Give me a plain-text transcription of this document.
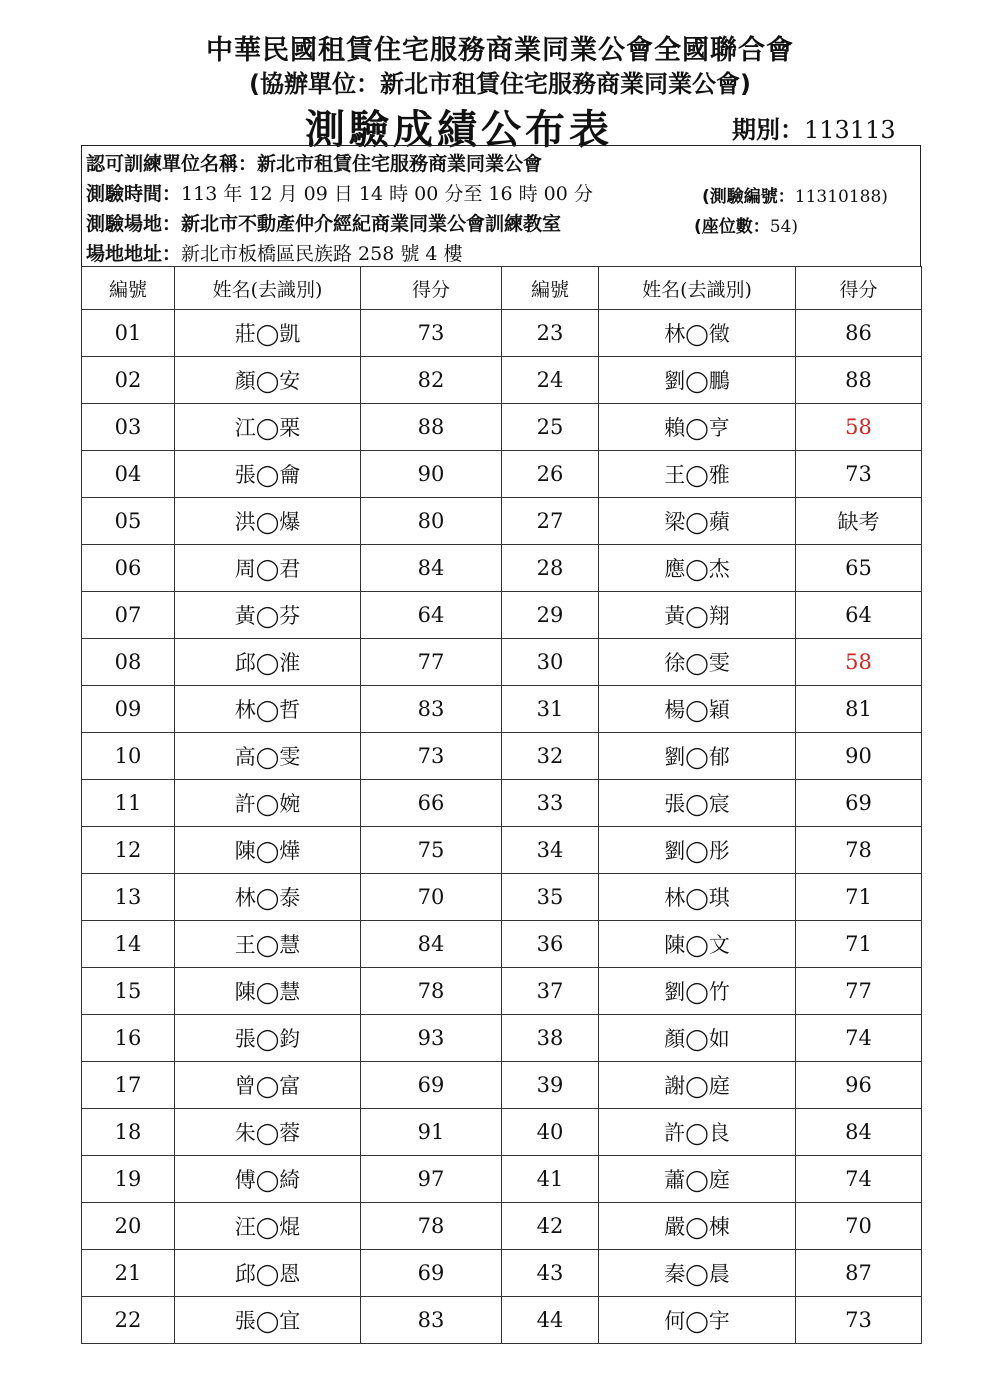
中華民國租賃住宅服務商業同業公會全國聯合會
(協辦單位：新北市租賃住宅服務商業同業公會)
測驗成績公布表	期別：113113
認可訓練單位名稱：新北市租賃住宅服務商業同業公會
測驗時間：113 年 12 月 09 日 14 時 00 分至 16 時 00 分	(測驗編號：11310188)
測驗場地：新北市不動產仲介經紀商業同業公會訓練教室	(座位數：54)
場地地址：新北市板橋區民族路 258 號 4 樓
編號	姓名(去識別)	得分	編號	姓名(去識別)	得分
01	莊◯凱	73	23	林◯徵	86
02	顏◯安	82	24	劉◯鵬	88
03	江◯栗	88	25	賴◯亨	58
04	張◯龠	90	26	王◯雅	73
05	洪◯爆	80	27	梁◯蘋	缺考
06	周◯君	84	28	應◯杰	65
07	黃◯芬	64	29	黃◯翔	64
08	邱◯淮	77	30	徐◯雯	58
09	林◯哲	83	31	楊◯穎	81
10	高◯雯	73	32	劉◯郁	90
11	許◯婉	66	33	張◯宸	69
12	陳◯燁	75	34	劉◯彤	78
13	林◯泰	70	35	林◯琪	71
14	王◯慧	84	36	陳◯文	71
15	陳◯慧	78	37	劉◯竹	77
16	張◯鈞	93	38	顏◯如	74
17	曾◯富	69	39	謝◯庭	96
18	朱◯蓉	91	40	許◯良	84
19	傅◯綺	97	41	蕭◯庭	74
20	汪◯焜	78	42	嚴◯棟	70
21	邱◯恩	69	43	秦◯晨	87
22	張◯宜	83	44	何◯宇	73
